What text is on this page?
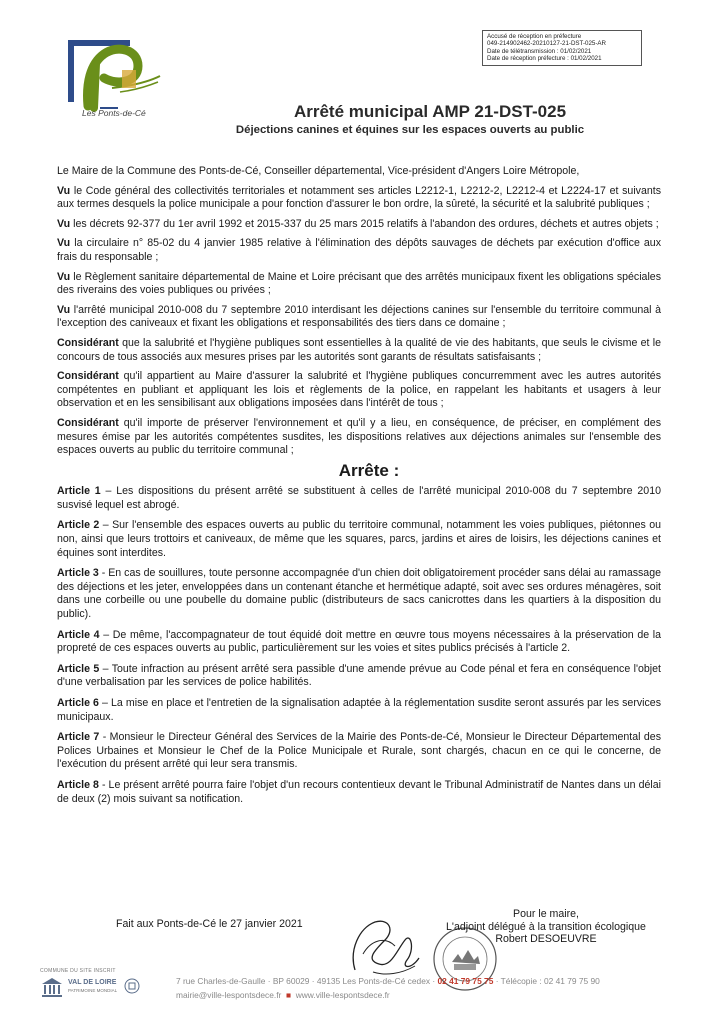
Accusé de réception en préfecture
049-214902462-20210127-21-DST-025-AR
Date de télétransmission : 01/02/2021
Date de réception préfecture : 01/02/2021
Les Ponts-de-Cé	Arrêté municipal AMP 21-DST-025
Déjections canines et équines sur les espaces ouverts au public

Le Maire de la Commune des Ponts-de-Cé, Conseiller départemental, Vice-président d'Angers Loire Métropole,

Vu le Code général des collectivités territoriales et notamment ses articles L2212-1, L2212-2, L2212-4 et L2224-17 et suivants aux termes desquels la police municipale a pour fonction d'assurer le bon ordre, la sûreté, la sécurité et la salubrité publiques ;

Vu les décrets 92-377 du 1er avril 1992 et 2015-337 du 25 mars 2015 relatifs à l'abandon des ordures, déchets et autres objets ;

Vu la circulaire n° 85-02 du 4 janvier 1985 relative à l'élimination des dépôts sauvages de déchets par exécution d'office aux frais du responsable ;

Vu le Règlement sanitaire départemental de Maine et Loire précisant que des arrêtés municipaux fixent les obligations spéciales des riverains des voies publiques ou privées ;

Vu l'arrêté municipal 2010-008 du 7 septembre 2010 interdisant les déjections canines sur l'ensemble du territoire communal à l'exception des caniveaux et fixant les obligations et responsabilités des tiers dans ce domaine ;

Considérant que la salubrité et l'hygiène publiques sont essentielles à la qualité de vie des habitants, que seuls le civisme et le concours de tous associés aux mesures prises par les autorités sont garants de résultats satisfaisants ;

Considérant qu'il appartient au Maire d'assurer la salubrité et l'hygiène publiques concurremment avec les autres autorités compétentes en publiant et appliquant les lois et règlements de la police, en rappelant les habitants et usagers à leur observation et en les sensibilisant aux obligations imposées dans l'intérêt de tous ;

Considérant qu'il importe de préserver l'environnement et qu'il y a lieu, en conséquence, de préciser, en complément des mesures émise par les autorités compétentes susdites, les dispositions relatives aux déjections animales sur l'ensemble des espaces ouverts au public du territoire communal ;

Arrête :

Article 1 – Les dispositions du présent arrêté se substituent à celles de l'arrêté municipal 2010-008 du 7 septembre 2010 susvisé lequel est abrogé.

Article 2 – Sur l'ensemble des espaces ouverts au public du territoire communal, notamment les voies publiques, piétonnes ou non, ainsi que leurs trottoirs et caniveaux, de même que les squares, parcs, jardins et aires de loisirs, les déjections canines et équines sont interdites.

Article 3 - En cas de souillures, toute personne accompagnée d'un chien doit obligatoirement procéder sans délai au ramassage des déjections et les jeter, enveloppées dans un contenant étanche et hermétique adapté, soit avec ses ordures ménagères, soit dans une corbeille ou une poubelle du domaine public (distributeurs de sacs canicrottes dans les quartiers à la disposition du public).

Article 4 – De même, l'accompagnateur de tout équidé doit mettre en œuvre tous moyens nécessaires à la préservation de la propreté de ces espaces ouverts au public, particulièrement sur les voies et sites publics précisés à l'article 2.

Article 5 – Toute infraction au présent arrêté sera passible d'une amende prévue au Code pénal et fera en conséquence l'objet d'une verbalisation par les services de police habilités.

Article 6 – La mise en place et l'entretien de la signalisation adaptée à la réglementation susdite seront assurés par les services municipaux.

Article 7 - Monsieur le Directeur Général des Services de la Mairie des Ponts-de-Cé, Monsieur le Directeur Départemental des Polices Urbaines et Monsieur le Chef de la Police Municipale et Rurale, sont chargés, chacun en ce qui le concerne, de l'exécution du présent arrêté qui leur sera transmis.

Article 8 - Le présent arrêté pourra faire l'objet d'un recours contentieux devant le Tribunal Administratif de Nantes dans un délai de deux (2) mois suivant sa notification.

Fait aux Ponts-de-Cé le 27 janvier 2021
Pour le maire,
L'adjoint délégué à la transition écologique
Robert DESOEUVRE
COMMUNE DU SITE INSCRIT
VAL DE LOIRE
PATRIMOINE MONDIAL
7 rue Charles-de-Gaulle · BP 60029 · 49135 Les Ponts-de-Cé cedex · 02 41 79 75 75 · Télécopie : 02 41 79 75 90
mairie@ville-lespontsdece.fr  ■  www.ville-lespontsdece.fr
